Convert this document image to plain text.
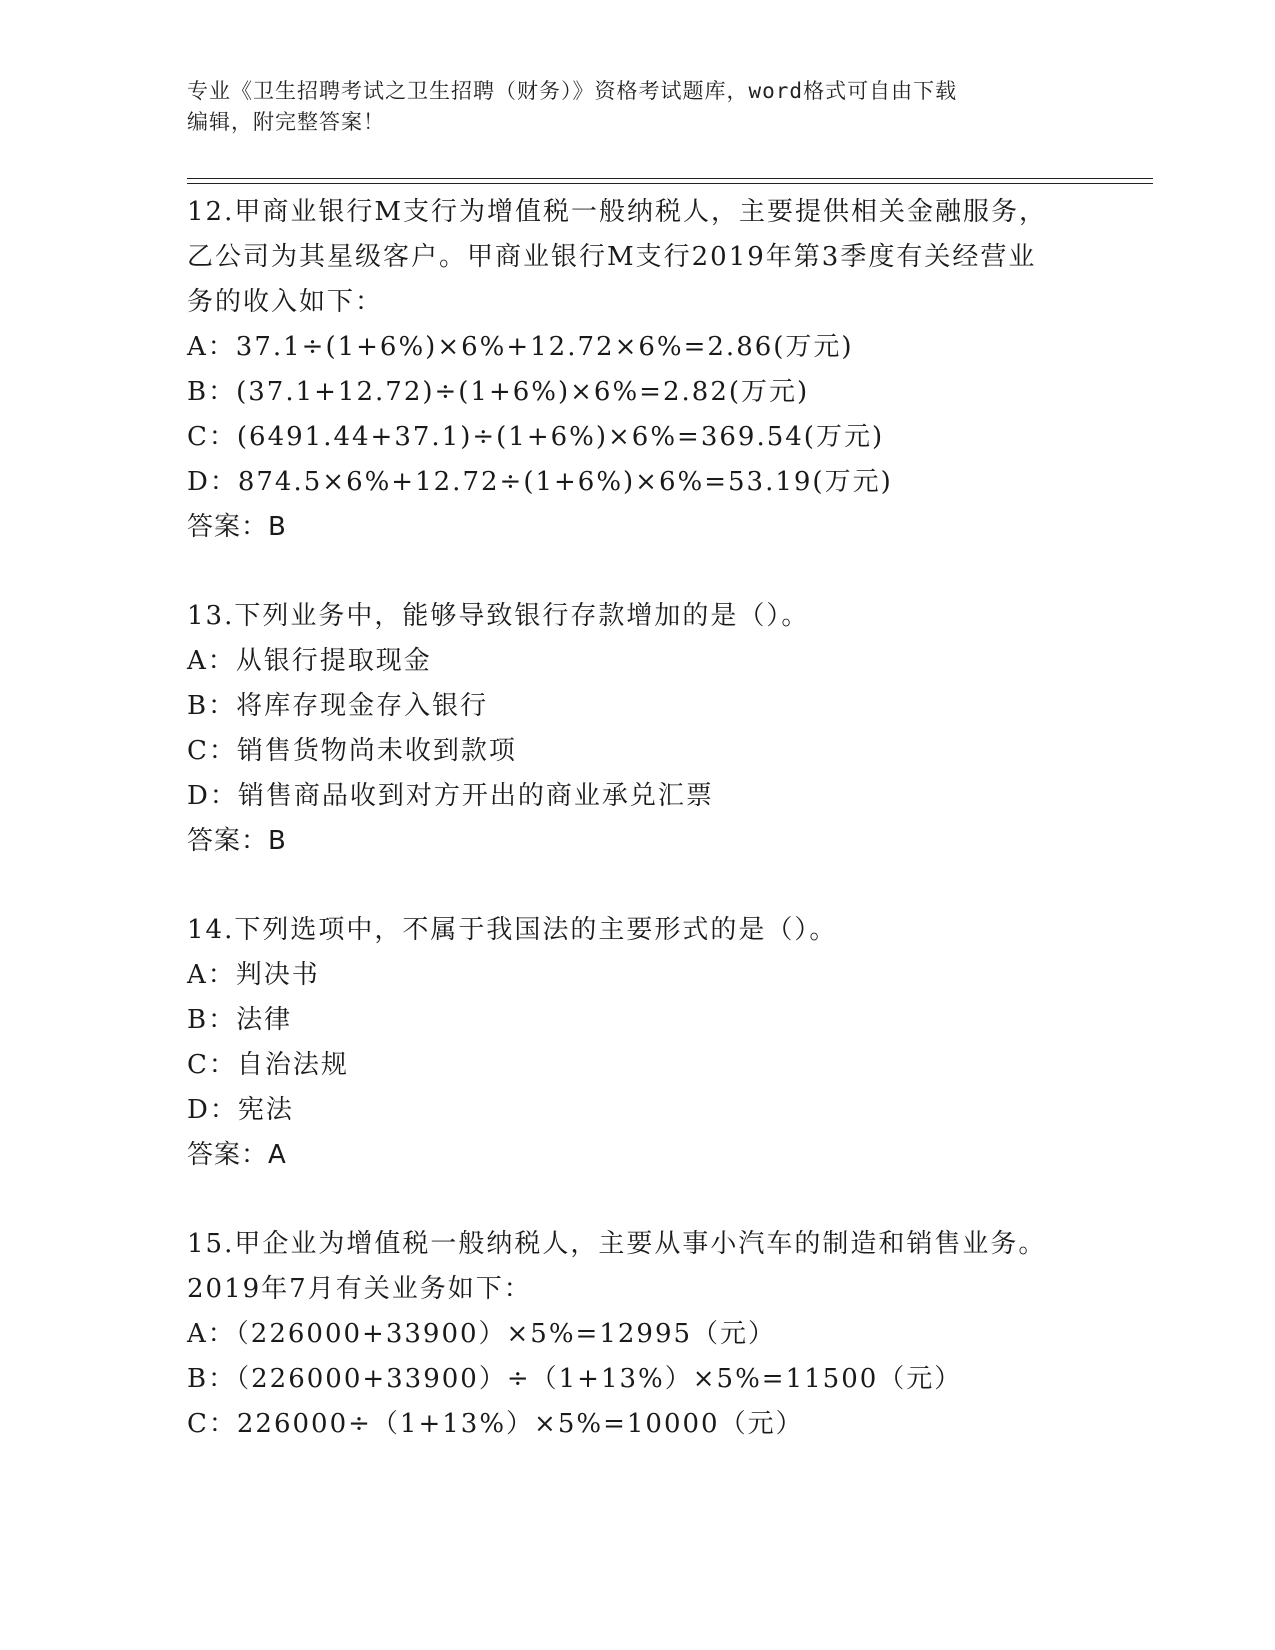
专业《卫生招聘考试之卫生招聘（财务）》资格考试题库，word格式可自由下载
编辑，附完整答案！
12.甲商业银行M支行为增值税一般纳税人，主要提供相关金融服务，
乙公司为其星级客户。甲商业银行M支行2019年第3季度有关经营业
务的收入如下：
A：37.1÷(1+6%)×6%+12.72×6%=2.86(万元)
B：(37.1+12.72)÷(1+6%)×6%=2.82(万元)
C：(6491.44+37.1)÷(1+6%)×6%=369.54(万元)
D：874.5×6%+12.72÷(1+6%)×6%=53.19(万元)
答案：B
13.下列业务中，能够导致银行存款增加的是（）。
A：从银行提取现金
B：将库存现金存入银行
C：销售货物尚未收到款项
D：销售商品收到对方开出的商业承兑汇票
答案：B
14.下列选项中，不属于我国法的主要形式的是（）。
A：判决书
B：法律
C：自治法规
D：宪法
答案：A
15.甲企业为增值税一般纳税人，主要从事小汽车的制造和销售业务。
2019年7月有关业务如下：
A：（226000+33900）×5%=12995（元）
B：（226000+33900）÷（1+13%）×5%=11500（元）
C：226000÷（1+13%）×5%=10000（元）
